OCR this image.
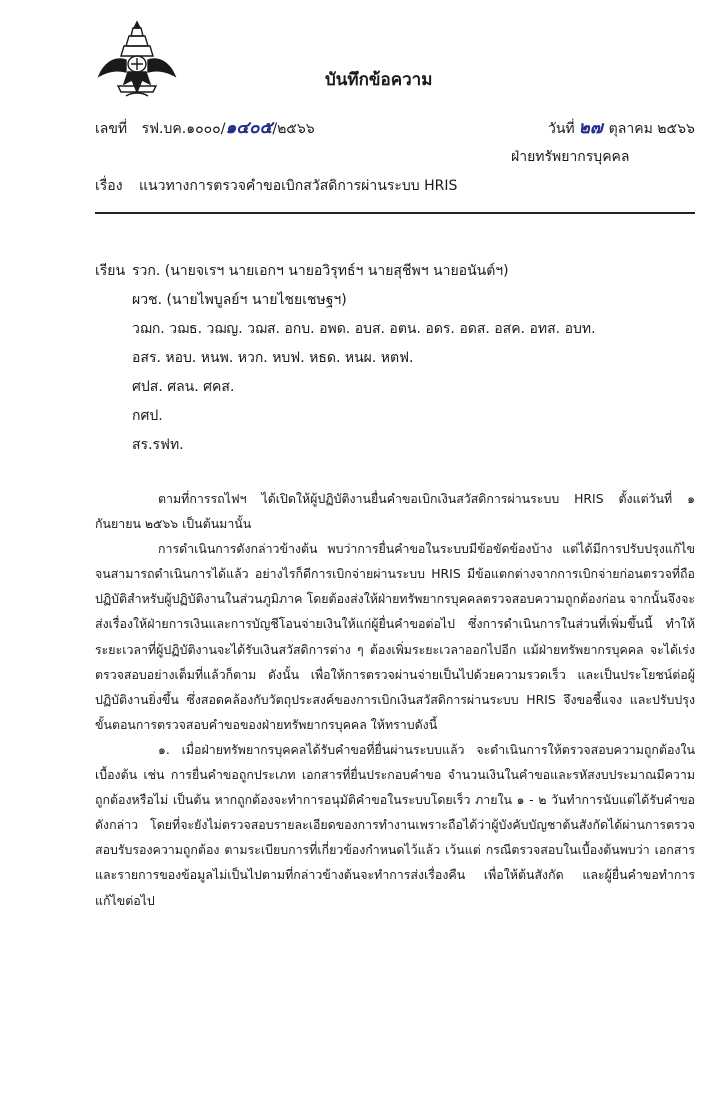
บันทึกข้อความ
เลขที่ รฟ.บค.๑๐๐๐/๑๔๐๕/๒๕๖๖	วันที่ ๒๗ ตุลาคม ๒๕๖๖
ฝ่ายทรัพยากรบุคคล
เรื่อง แนวทางการตรวจคำขอเบิกสวัสดิการผ่านระบบ HRIS
เรียน รวก. (นายจเรฯ นายเอกฯ นายอวิรุทธ์ฯ นายสุชีพฯ นายอนันต์ฯ)
ผวช. (นายไพบูลย์ฯ นายไชยเชษฐฯ)
วฌก. วฌธ. วฌญ. วฌส. อกบ. อพด. อบส. อตน. อดร. อดส. อสค. อทส. อบท.
อสร. หอบ. หนพ. หวก. หบฟ. หธด. หนผ. หตฟ.
ศปส. ศลน. ศคส.
กศป.
สร.รฟท.

ตามที่การรถไฟฯ ได้เปิดให้ผู้ปฏิบัติงานยื่นคำขอเบิกเงินสวัสดิการผ่านระบบ HRIS ตั้งแต่วันที่ ๑ กันยายน ๒๕๖๖ เป็นต้นมานั้น

การดำเนินการดังกล่าวข้างต้น พบว่าการยื่นคำขอในระบบมีข้อขัดข้องบ้าง แต่ได้มีการปรับปรุงแก้ไขจนสามารถดำเนินการได้แล้ว อย่างไรก็ดีการเบิกจ่ายผ่านระบบ HRIS มีข้อแตกต่างจากการเบิกจ่ายก่อนตรวจที่ถือปฏิบัติสำหรับผู้ปฏิบัติงานในส่วนภูมิภาค โดยต้องส่งให้ฝ่ายทรัพยากรบุคคลตรวจสอบความถูกต้องก่อน จากนั้นจึงจะส่งเรื่องให้ฝ่ายการเงินและการบัญชีโอนจ่ายเงินให้แก่ผู้ยื่นคำขอต่อไป ซึ่งการดำเนินการในส่วนที่เพิ่มขึ้นนี้ ทำให้ระยะเวลาที่ผู้ปฏิบัติงานจะได้รับเงินสวัสดิการต่าง ๆ ต้องเพิ่มระยะเวลาออกไปอีก แม้ฝ่ายทรัพยากรบุคคล จะได้เร่งตรวจสอบอย่างเต็มที่แล้วก็ตาม ดังนั้น เพื่อให้การตรวจผ่านจ่ายเป็นไปด้วยความรวดเร็ว และเป็นประโยชน์ต่อผู้ปฏิบัติงานยิ่งขึ้น ซึ่งสอดคล้องกับวัตถุประสงค์ของการเบิกเงินสวัสดิการผ่านระบบ HRIS จึงขอชี้แจง และปรับปรุงขั้นตอนการตรวจสอบคำขอของฝ่ายทรัพยากรบุคคล ให้ทราบดังนี้

๑. เมื่อฝ่ายทรัพยากรบุคคลได้รับคำขอที่ยื่นผ่านระบบแล้ว จะดำเนินการให้ตรวจสอบความถูกต้องในเบื้องต้น เช่น การยื่นคำขอถูกประเภท เอกสารที่ยื่นประกอบคำขอ จำนวนเงินในคำขอและรหัสงบประมาณมีความถูกต้องหรือไม่ เป็นต้น หากถูกต้องจะทำการอนุมัติคำขอในระบบโดยเร็ว ภายใน ๑ - ๒ วันทำการนับแต่ได้รับคำขอดังกล่าว โดยที่จะยังไม่ตรวจสอบรายละเอียดของการทำงานเพราะถือได้ว่าผู้บังคับบัญชาต้นสังกัดได้ผ่านการตรวจสอบรับรองความถูกต้อง ตามระเบียบการที่เกี่ยวข้องกำหนดไว้แล้ว เว้นแต่ กรณีตรวจสอบในเบื้องต้นพบว่า เอกสาร และรายการของข้อมูลไม่เป็นไปตามที่กล่าวข้างต้นจะทำการส่งเรื่องคืน เพื่อให้ต้นสังกัด และผู้ยื่นคำขอทำการแก้ไขต่อไป
